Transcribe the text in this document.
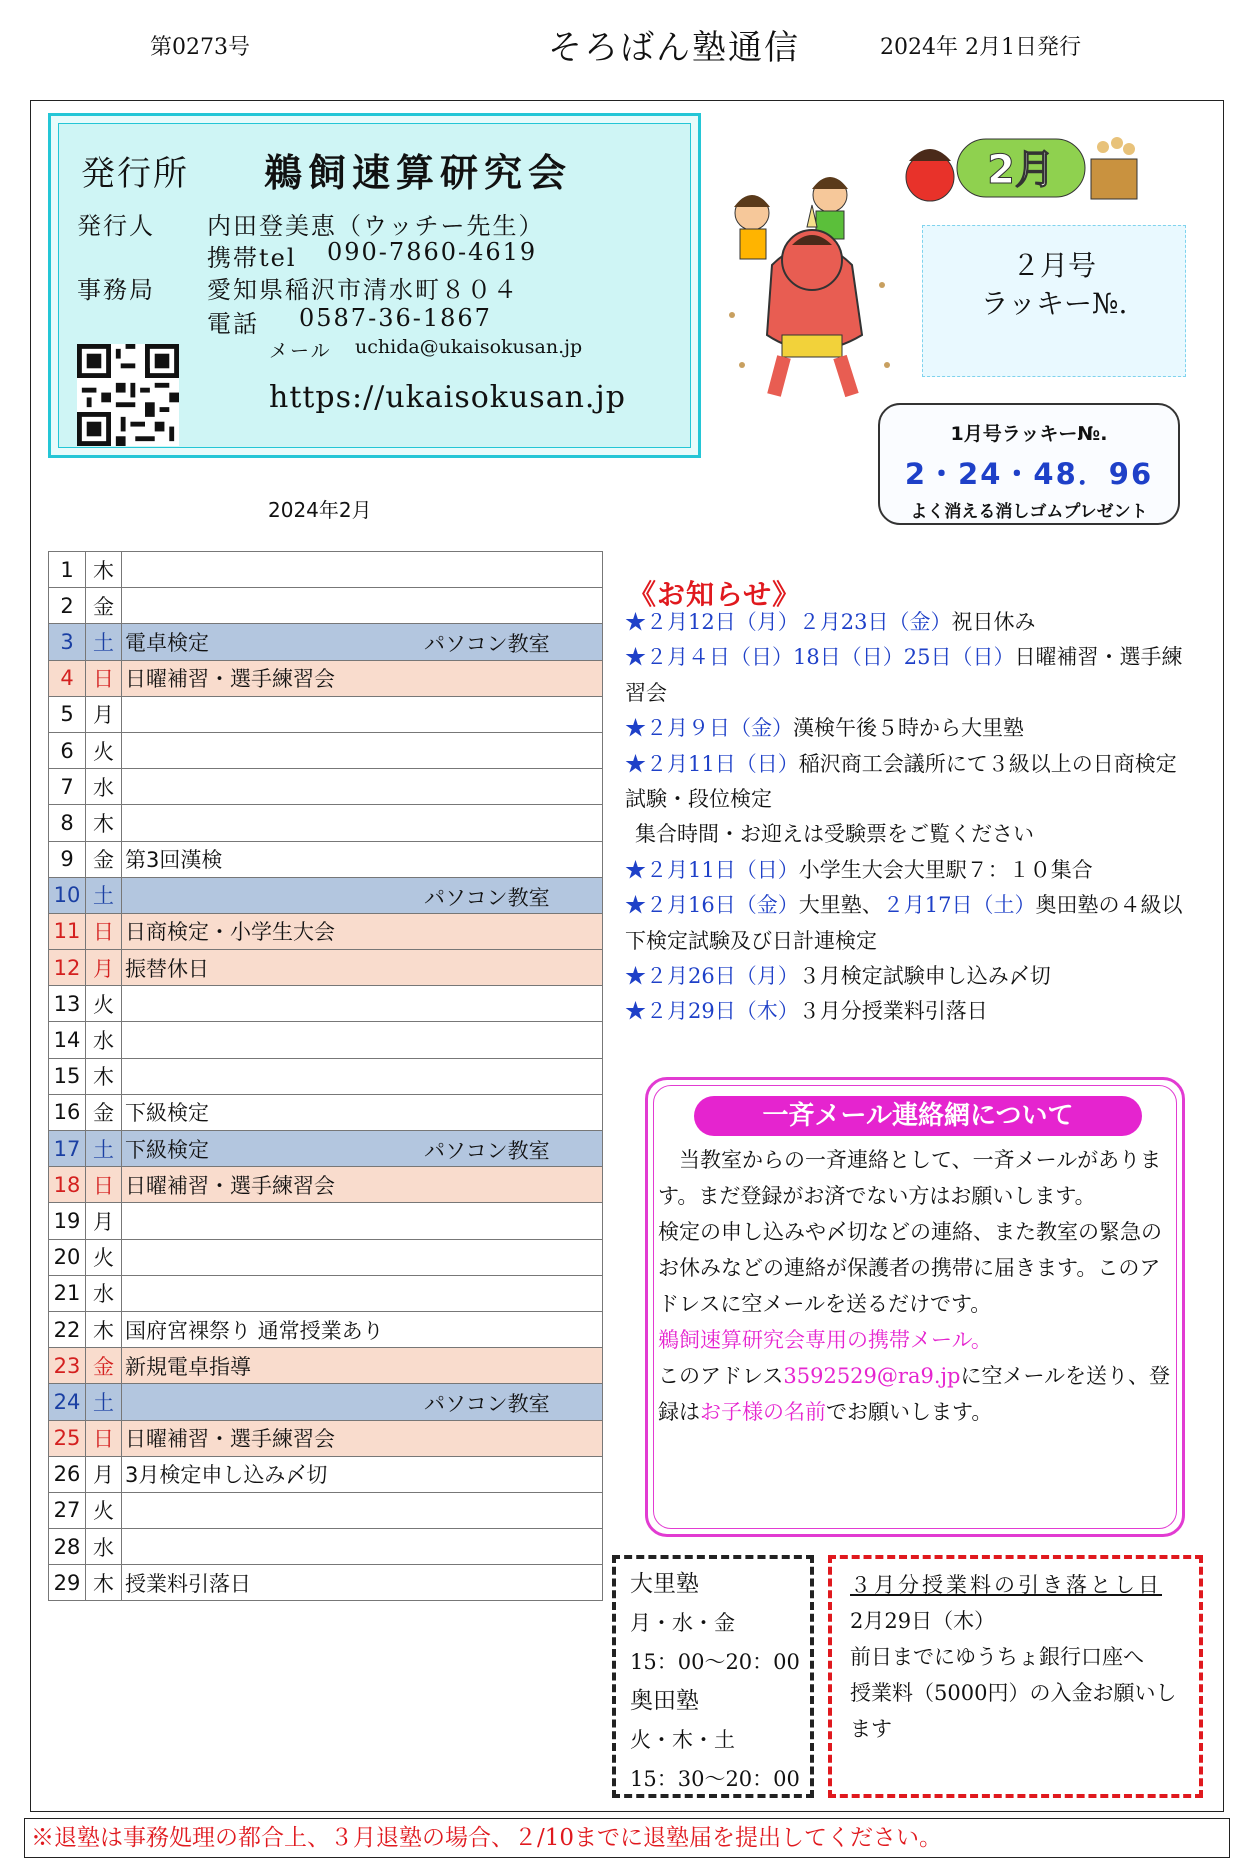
第0273号	そろばん塾通信	2024年 2月1日発行
発行所 鵜飼速算研究会
発行人 内田登美恵（ウッチー先生）
携帯tel 090-7860-4619
事務局 愛知県稲沢市清水町８０４
電話 0587-36-1867
メール uchida@ukaisokusan.jp
https://ukaisokusan.jp
2月
２月号
ラッキー№.
1月号ラッキー№.
2・24・48．96
よく消える消しゴムプレゼント
2024年2月
1	木	

2	金	

3	土	電卓検定 パソコン教室

4	日	日曜補習・選手練習会

5	月	

6	火	

7	水	

8	木	

9	金	第3回漢検

10	土	パソコン教室

11	日	日商検定・小学生大会

12	月	振替休日

13	火	

14	水	

15	木	

16	金	下級検定

17	土	下級検定 パソコン教室

18	日	日曜補習・選手練習会

19	月	

20	火	

21	水	

22	木	国府宮裸祭り 通常授業あり

23	金	新規電卓指導

24	土	パソコン教室

25	日	日曜補習・選手練習会

26	月	3月検定申し込み〆切

27	火	

28	水	

29	木	授業料引落日
《お知らせ》

★２月12日（月）２月23日（金）祝日休み

★２月４日（日）18日（日）25日（日）日曜補習・選手練習会

★２月９日（金）漢検午後５時から大里塾

★２月11日（日）稲沢商工会議所にて３級以上の日商検定試験・段位検定

集合時間・お迎えは受験票をご覧ください

★２月11日（日）小学生大会大里駅７：１０集合

★２月16日（金）大里塾、２月17日（土）奥田塾の４級以下検定試験及び日計連検定

★２月26日（月）３月検定試験申し込み〆切

★２月29日（木）３月分授業料引落日

一斉メール連絡網について
当教室からの一斉連絡として、一斉メールがあります。まだ登録がお済でない方はお願いします。
検定の申し込みや〆切などの連絡、また教室の緊急のお休みなどの連絡が保護者の携帯に届きます。このアドレスに空メールを送るだけです。
鵜飼速算研究会専用の携帯メール。
このアドレス3592529@ra9.jpに空メールを送り、登録はお子様の名前でお願いします。
大里塾
月・水・金
15：00～20：00
奥田塾
火・木・土
15：30～20：00
３月分授業料の引き落とし日
2月29日（木）
前日までにゆうちょ銀行口座へ
授業料（5000円）の入金お願いします
※退塾は事務処理の都合上、３月退塾の場合、２/10までに退塾届を提出してください。
